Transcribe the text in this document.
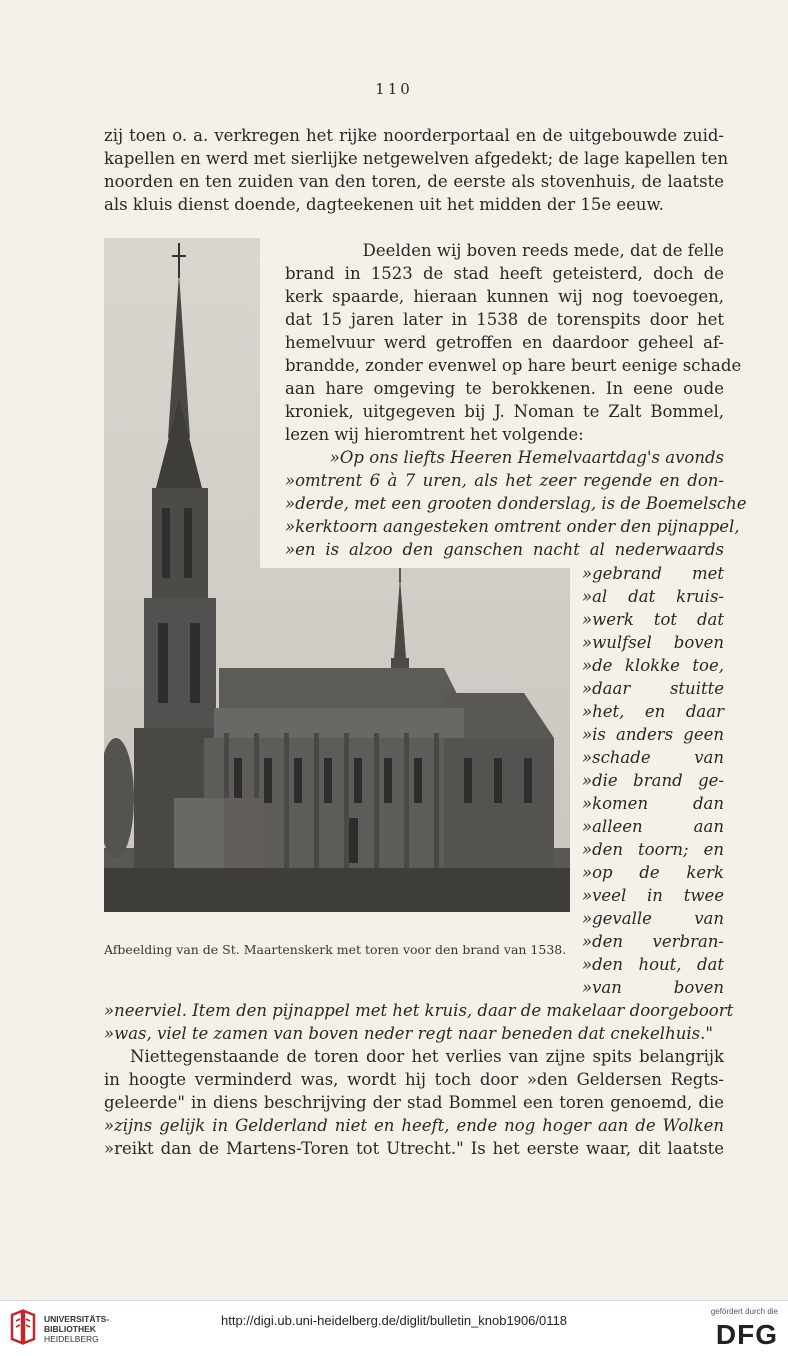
110
zij toen o. a. verkregen het rijke noorderportaal en de uitgebouwde zuid-
kapellen en werd met sierlijke netgewelven afgedekt; de lage kapellen ten
noorden en ten zuiden van den toren, de eerste als stovenhuis, de laatste
als kluis dienst doende, dagteekenen uit het midden der 15e eeuw.
Deelden wij boven reeds mede, dat de felle
brand in 1523 de stad heeft geteisterd, doch de
kerk spaarde, hieraan kunnen wij nog toevoegen,
dat 15 jaren later in 1538 de torenspits door het
hemelvuur werd getroffen en daardoor geheel af-
brandde, zonder evenwel op hare beurt eenige schade
aan hare omgeving te berokkenen. In eene oude
kroniek, uitgegeven bij J. Noman te Zalt Bommel,
lezen wij hieromtrent het volgende:
»Op ons liefts Heeren Hemelvaartdag's avonds
»omtrent 6 à 7 uren, als het zeer regende en don-
»derde, met een grooten donderslag, is de Boemelsche
»kerktoorn aangesteken omtrent onder den pijnappel,
»en is alzoo den ganschen nacht al nederwaards
»gebrand met
»al dat kruis-
»werk tot dat
»wulfsel boven
»de klokke toe,
»daar stuitte
»het, en daar
»is anders geen
»schade van
»die brand ge-
»komen dan
»alleen aan
»den toorn; en
»op de kerk
»veel in twee
»gevalle van
»den verbran-
»den hout, dat
»van boven
Afbeelding van de St. Maartenskerk met toren voor den brand van 1538.
»neerviel. Item den pijnappel met het kruis, daar de makelaar doorgeboort
»was, viel te zamen van boven neder regt naar beneden dat cnekelhuis."
Niettegenstaande de toren door het verlies van zijne spits belangrijk
in hoogte verminderd was, wordt hij toch door »den Geldersen Regts-
geleerde" in diens beschrijving der stad Bommel een toren genoemd, die
»zijns gelijk in Gelderland niet en heeft, ende nog hoger aan de Wolken
»reikt dan de Martens-Toren tot Utrecht." Is het eerste waar, dit laatste
UNIVERSITÄTS-
BIBLIOTHEK
HEIDELBERG
http://digi.ub.uni-heidelberg.de/diglit/bulletin_knob1906/0118
gefördert durch die
DFG
